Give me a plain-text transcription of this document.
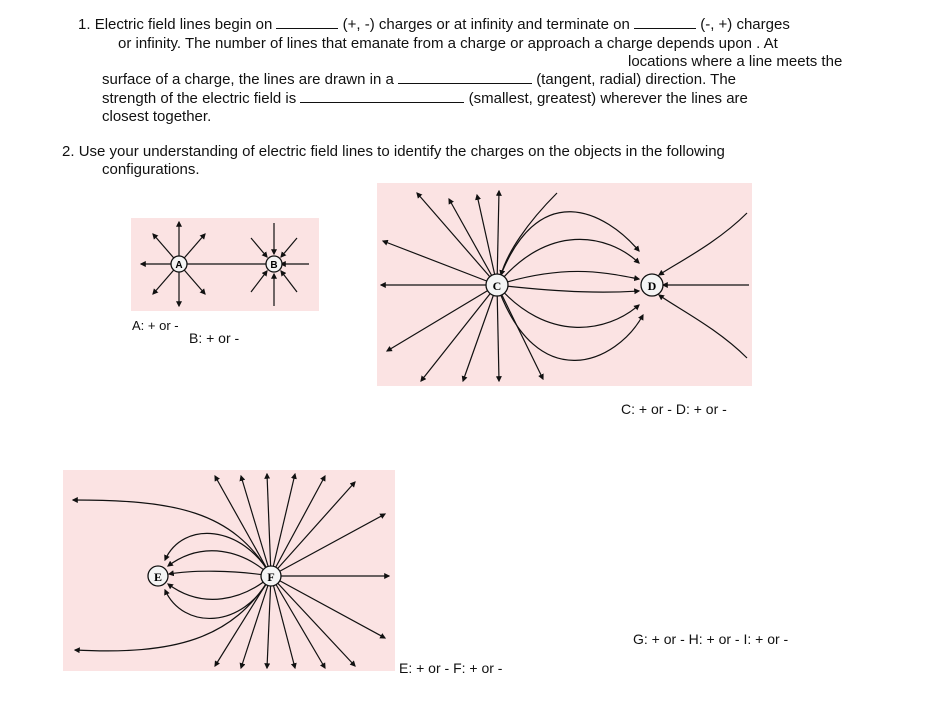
1. Electric field lines begin on	(+, -) charges or at infinity and terminate on	(-, +) charges
or infinity. The number of lines that emanate from a charge or approach a charge depends upon . At
locations where a line meets the
surface of a charge, the lines are drawn in a	(tangent, radial) direction. The
strength of the electric field is	(smallest, greatest) wherever the lines are
closest together.
2. Use your understanding of electric field lines to identify the charges on the objects in the following
configurations.
A	B
A: + or -
B: + or -
C	D
C: + or - D: + or -
E	F
G: + or - H: + or - I: + or -
E: + or - F: + or -
